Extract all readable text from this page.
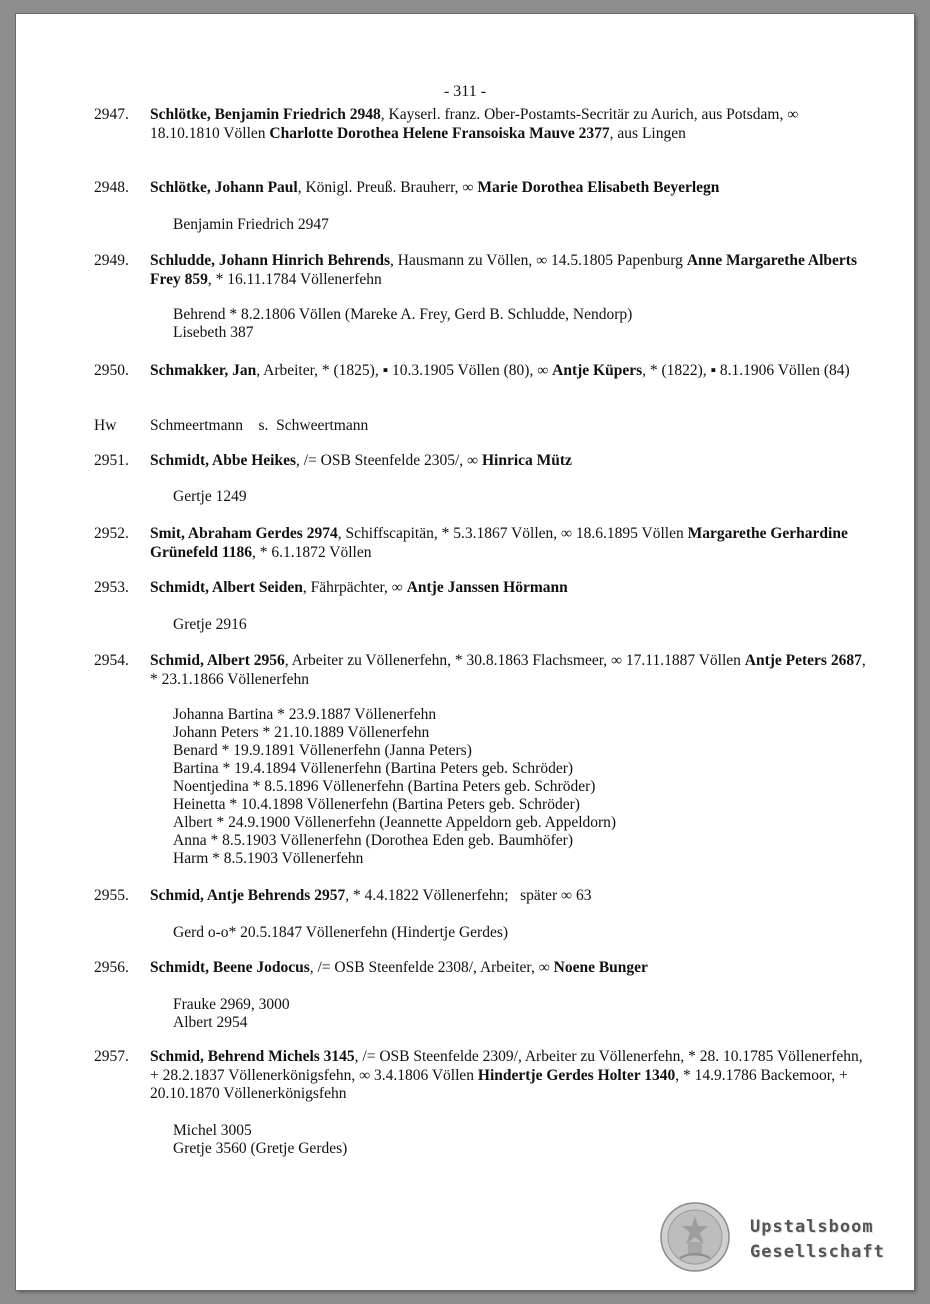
- 311 -
2947. Schlötke, Benjamin Friedrich 2948, Kayserl. franz. Ober-Postamts-Secritär zu Aurich, aus Potsdam, ∞ 18.10.1810 Völlen Charlotte Dorothea Helene Fransoiska Mauve 2377, aus Lingen
2948. Schlötke, Johann Paul, Königl. Preuß. Brauherr, ∞ Marie Dorothea Elisabeth Beyerlegn
2949. Schludde, Johann Hinrich Behrends, Hausmann zu Völlen, ∞ 14.5.1805 Papenburg Anne Margarethe Alberts Frey 859, * 16.11.1784 Völlenerfehn
2950. Schmakker, Jan, Arbeiter, * (1825), ▪ 10.3.1905 Völlen (80), ∞ Antje Küpers, * (1822), ▪ 8.1.1906 Völlen (84)
Hw Schmeertmann    s.  Schweertmann
2951. Schmidt, Abbe Heikes, /= OSB Steenfelde 2305/, ∞ Hinrica Mütz
2952. Smit, Abraham Gerdes 2974, Schiffscapitän, * 5.3.1867 Völlen, ∞ 18.6.1895 Völlen Margarethe Gerhardine Grünefeld 1186, * 6.1.1872 Völlen
2953. Schmidt, Albert Seiden, Fährpächter, ∞ Antje Janssen Hörmann
2954. Schmid, Albert 2956, Arbeiter zu Völlenerfehn, * 30.8.1863 Flachsmeer, ∞ 17.11.1887 Völlen Antje Peters 2687, * 23.1.1866 Völlenerfehn
2955. Schmid, Antje Behrends 2957, * 4.4.1822 Völlenerfehn;   später ∞ 63
2956. Schmidt, Beene Jodocus, /= OSB Steenfelde 2308/, Arbeiter, ∞ Noene Bunger
2957. Schmid, Behrend Michels 3145, /= OSB Steenfelde 2309/, Arbeiter zu Völlenerfehn, * 28. 10.1785 Völlenerfehn, + 28.2.1837 Völlenerkönigsfehn, ∞ 3.4.1806 Völlen Hindertje Gerdes Holter 1340, * 14.9.1786 Backemoor, + 20.10.1870 Völlenerkönigsfehn
Upstalsboom
Gesellschaft
Benjamin Friedrich 2947
Behrend * 8.2.1806 Völlen (Mareke A. Frey, Gerd B. Schludde, Nendorp)
Lisebeth 387
Gertje 1249
Gretje 2916
Johanna Bartina * 23.9.1887 Völlenerfehn
Johann Peters * 21.10.1889 Völlenerfehn
Benard * 19.9.1891 Völlenerfehn (Janna Peters)
Bartina * 19.4.1894 Völlenerfehn (Bartina Peters geb. Schröder)
Noentjedina * 8.5.1896 Völlenerfehn (Bartina Peters geb. Schröder)
Heinetta * 10.4.1898 Völlenerfehn (Bartina Peters geb. Schröder)
Albert * 24.9.1900 Völlenerfehn (Jeannette Appeldorn geb. Appeldorn)
Anna * 8.5.1903 Völlenerfehn (Dorothea Eden geb. Baumhöfer)
Harm * 8.5.1903 Völlenerfehn
Gerd o-o* 20.5.1847 Völlenerfehn (Hindertje Gerdes)
Frauke 2969, 3000
Albert 2954
Michel 3005
Gretje 3560 (Gretje Gerdes)
